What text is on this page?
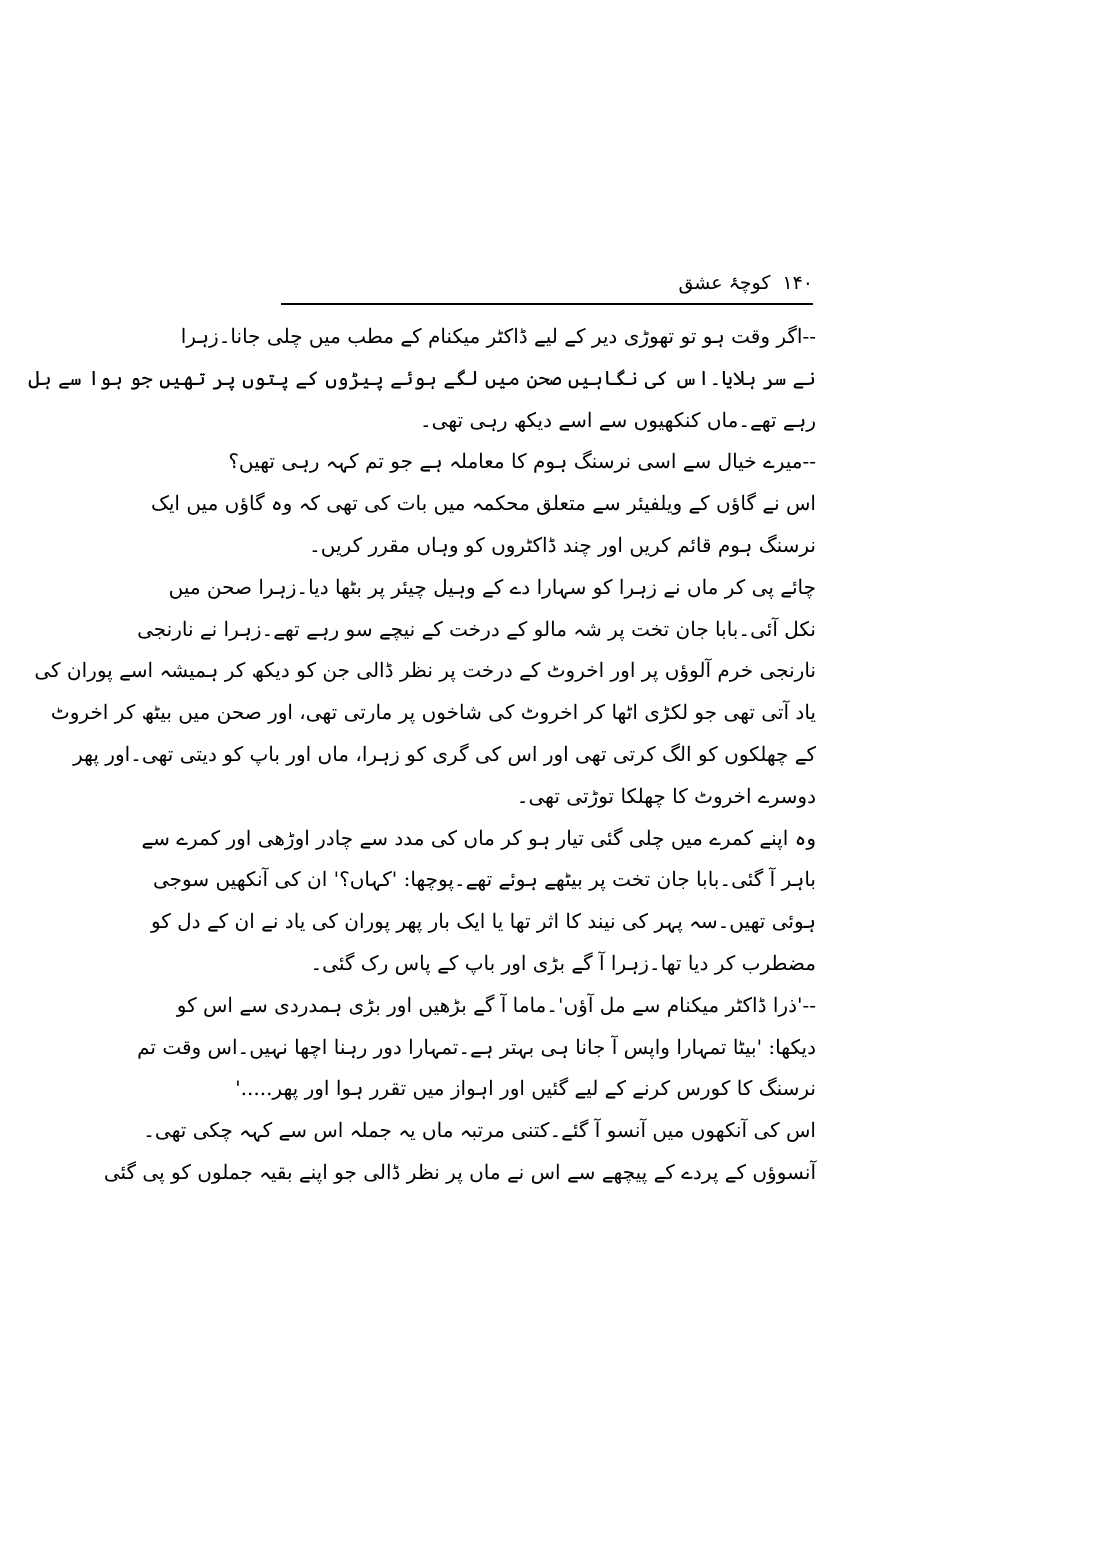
۱۴۰
کوچۂ عشق
--اگر وقت ہو تو تھوڑی دیر کے لیے ڈاکٹر میکنام کے مطب میں چلی جانا۔زہرا
نے سر ہلایا۔اس کی نگاہیں صحن میں لگے ہوئے پیڑوں کے پتوں پر تھیں جو ہوا سے ہل
رہے تھے۔ماں کنکھیوں سے اسے دیکھ رہی تھی۔
--میرے خیال سے اسی نرسنگ ہوم کا معاملہ ہے جو تم کہہ رہی تھیں؟
اس نے گاؤں کے ویلفیئر سے متعلق محکمہ میں بات کی تھی کہ وہ گاؤں میں ایک
نرسنگ ہوم قائم کریں اور چند ڈاکٹروں کو وہاں مقرر کریں۔
چائے پی کر ماں نے زہرا کو سہارا دے کے وہیل چیئر پر بٹھا دیا۔زہرا صحن میں
نکل آئی۔بابا جان تخت پر شہ مالو کے درخت کے نیچے سو رہے تھے۔زہرا نے نارنجی
نارنجی خرم آلوؤں پر اور اخروٹ کے درخت پر نظر ڈالی جن کو دیکھ کر ہمیشہ اسے پوران کی
یاد آتی تھی جو لکڑی اٹھا کر اخروٹ کی شاخوں پر مارتی تھی، اور صحن میں بیٹھ کر اخروٹ
کے چھلکوں کو الگ کرتی تھی اور اس کی گری کو زہرا، ماں اور باپ کو دیتی تھی۔اور پھر
دوسرے اخروٹ کا چھلکا توڑتی تھی۔
وہ اپنے کمرے میں چلی گئی تیار ہو کر ماں کی مدد سے چادر اوڑھی اور کمرے سے
باہر آ گئی۔بابا جان تخت پر بیٹھے ہوئے تھے۔پوچھا: 'کہاں؟' ان کی آنکھیں سوجی
ہوئی تھیں۔سہ پہر کی نیند کا اثر تھا یا ایک بار پھر پوران کی یاد نے ان کے دل کو
مضطرب کر دیا تھا۔زہرا آ گے بڑی اور باپ کے پاس رک گئی۔
--'ذرا ڈاکٹر میکنام سے مل آؤں'۔ماما آ گے بڑھیں اور بڑی ہمدردی سے اس کو
دیکھا: 'بیٹا تمہارا واپس آ جانا ہی بہتر ہے۔تمہارا دور رہنا اچھا نہیں۔اس وقت تم
نرسنگ کا کورس کرنے کے لیے گئیں اور اہواز میں تقرر ہوا اور پھر.....'
اس کی آنکھوں میں آنسو آ گئے۔کتنی مرتبہ ماں یہ جملہ اس سے کہہ چکی تھی۔
آنسوؤں کے پردے کے پیچھے سے اس نے ماں پر نظر ڈالی جو اپنے بقیہ جملوں کو پی گئی
